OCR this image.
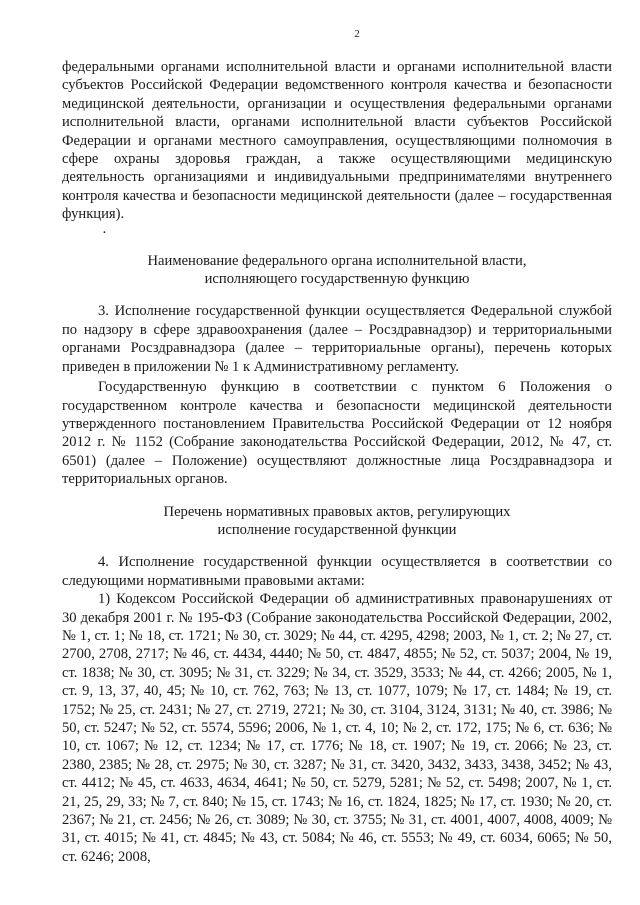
2

федеральными органами исполнительной власти и органами исполнительной власти субъектов Российской Федерации ведомственного контроля качества и безопасности медицинской деятельности, организации и осуществления федеральными органами исполнительной власти, органами исполнительной власти субъектов Российской Федерации и органами местного самоуправления, осуществляющими полномочия в сфере охраны здоровья граждан, а также осуществляющими медицинскую деятельность организациями и индивидуальными предпринимателями внутреннего контроля качества и безопасности медицинской деятельности (далее – государственная функция).

·
Наименование федерального органа исполнительной власти,
исполняющего государственную функцию

3. Исполнение государственной функции осуществляется Федеральной службой по надзору в сфере здравоохранения (далее – Росздравнадзор) и территориальными органами Росздравнадзора (далее – территориальные органы), перечень которых приведен в приложении № 1 к Административному регламенту.

Государственную функцию в соответствии с пунктом 6 Положения о государственном контроле качества и безопасности медицинской деятельности утвержденного постановлением Правительства Российской Федерации от 12 ноября 2012 г. № 1152 (Собрание законодательства Российской Федерации, 2012, № 47, ст. 6501) (далее – Положение) осуществляют должностные лица Росздравнадзора и территориальных органов.

Перечень нормативных правовых актов, регулирующих
исполнение государственной функции

4. Исполнение государственной функции осуществляется в соответствии со следующими нормативными правовыми актами:

1) Кодексом Российской Федерации об административных правонарушениях от 30 декабря 2001 г. № 195-ФЗ (Собрание законодательства Российской Федерации, 2002, № 1, ст. 1; № 18, ст. 1721; № 30, ст. 3029; № 44, ст. 4295, 4298; 2003, № 1, ст. 2; № 27, ст. 2700, 2708, 2717; № 46, ст. 4434, 4440; № 50, ст. 4847, 4855; № 52, ст. 5037; 2004, № 19, ст. 1838; № 30, ст. 3095; № 31, ст. 3229; № 34, ст. 3529, 3533; № 44, ст. 4266; 2005, № 1, ст. 9, 13, 37, 40, 45; № 10, ст. 762, 763; № 13, ст. 1077, 1079; № 17, ст. 1484; № 19, ст. 1752; № 25, ст. 2431; № 27, ст. 2719, 2721; № 30, ст. 3104, 3124, 3131; № 40, ст. 3986; № 50, ст. 5247; № 52, ст. 5574, 5596; 2006, № 1, ст. 4, 10; № 2, ст. 172, 175; № 6, ст. 636; № 10, ст. 1067; № 12, ст. 1234; № 17, ст. 1776; № 18, ст. 1907; № 19, ст. 2066; № 23, ст. 2380, 2385; № 28, ст. 2975; № 30, ст. 3287; № 31, ст. 3420, 3432, 3433, 3438, 3452; № 43, ст. 4412; № 45, ст. 4633, 4634, 4641; № 50, ст. 5279, 5281; № 52, ст. 5498; 2007, № 1, ст. 21, 25, 29, 33; № 7, ст. 840; № 15, ст. 1743; № 16, ст. 1824, 1825; № 17, ст. 1930; № 20, ст. 2367; № 21, ст. 2456; № 26, ст. 3089; № 30, ст. 3755; № 31, ст. 4001, 4007, 4008, 4009; № 31, ст. 4015; № 41, ст. 4845; № 43, ст. 5084; № 46, ст. 5553; № 49, ст. 6034, 6065; № 50, ст. 6246; 2008,
